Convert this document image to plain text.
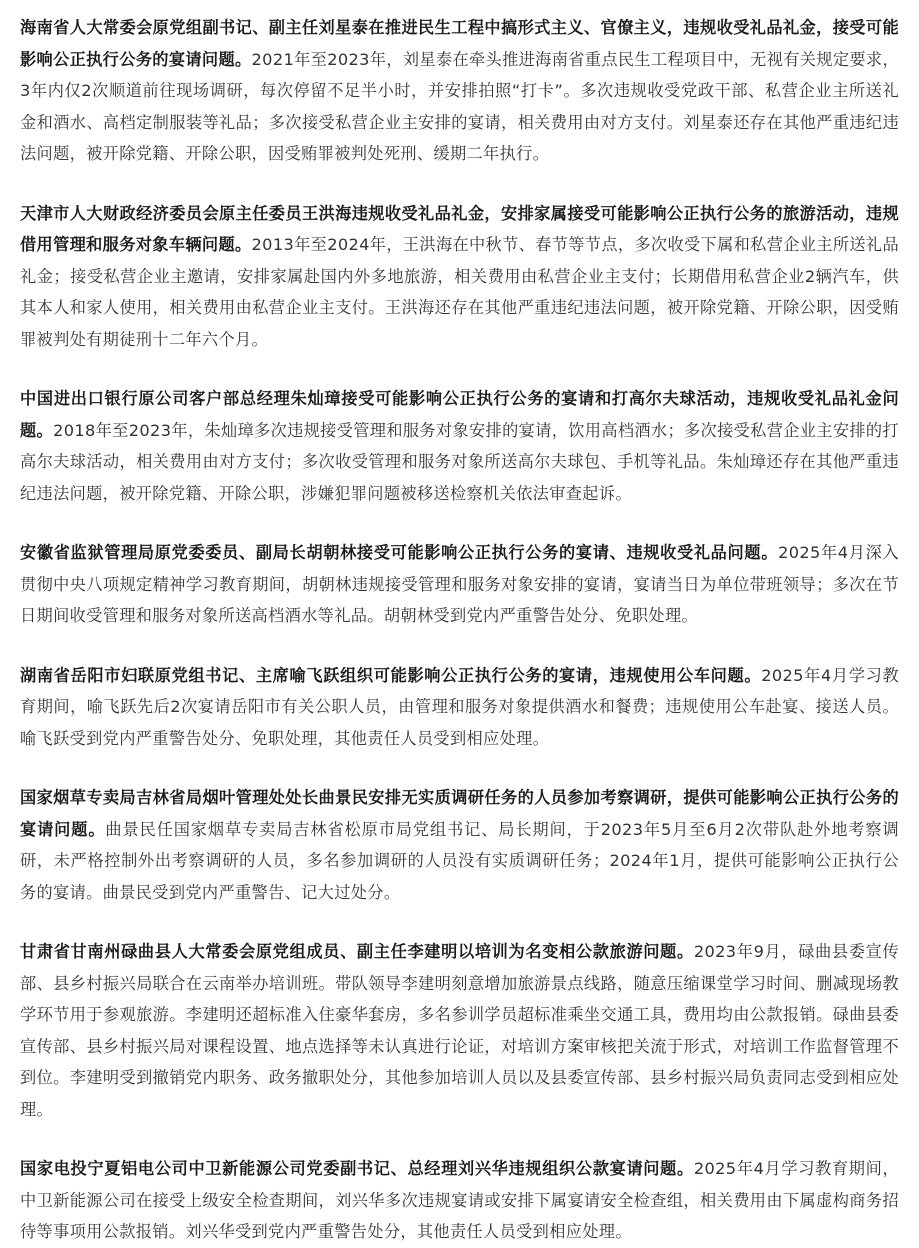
海南省人大常委会原党组副书记、副主任刘星泰在推进民生工程中搞形式主义、官僚主义，违规收受礼品礼金，接受可能影响公正执行公务的宴请问题。2021年至2023年，刘星泰在牵头推进海南省重点民生工程项目中，无视有关规定要求，3年内仅2次顺道前往现场调研，每次停留不足半小时，并安排拍照“打卡”。多次违规收受党政干部、私营企业主所送礼金和酒水、高档定制服装等礼品；多次接受私营企业主安排的宴请，相关费用由对方支付。刘星泰还存在其他严重违纪违法问题，被开除党籍、开除公职，因受贿罪被判处死刑、缓期二年执行。

天津市人大财政经济委员会原主任委员王洪海违规收受礼品礼金，安排家属接受可能影响公正执行公务的旅游活动，违规借用管理和服务对象车辆问题。2013年至2024年，王洪海在中秋节、春节等节点，多次收受下属和私营企业主所送礼品礼金；接受私营企业主邀请，安排家属赴国内外多地旅游，相关费用由私营企业主支付；长期借用私营企业2辆汽车，供其本人和家人使用，相关费用由私营企业主支付。王洪海还存在其他严重违纪违法问题，被开除党籍、开除公职，因受贿罪被判处有期徒刑十二年六个月。

中国进出口银行原公司客户部总经理朱灿璋接受可能影响公正执行公务的宴请和打高尔夫球活动，违规收受礼品礼金问题。2018年至2023年，朱灿璋多次违规接受管理和服务对象安排的宴请，饮用高档酒水；多次接受私营企业主安排的打高尔夫球活动，相关费用由对方支付；多次收受管理和服务对象所送高尔夫球包、手机等礼品。朱灿璋还存在其他严重违纪违法问题，被开除党籍、开除公职，涉嫌犯罪问题被移送检察机关依法审查起诉。

安徽省监狱管理局原党委委员、副局长胡朝林接受可能影响公正执行公务的宴请、违规收受礼品问题。2025年4月深入贯彻中央八项规定精神学习教育期间，胡朝林违规接受管理和服务对象安排的宴请，宴请当日为单位带班领导；多次在节日期间收受管理和服务对象所送高档酒水等礼品。胡朝林受到党内严重警告处分、免职处理。

湖南省岳阳市妇联原党组书记、主席喻飞跃组织可能影响公正执行公务的宴请，违规使用公车问题。2025年4月学习教育期间，喻飞跃先后2次宴请岳阳市有关公职人员，由管理和服务对象提供酒水和餐费；违规使用公车赴宴、接送人员。喻飞跃受到党内严重警告处分、免职处理，其他责任人员受到相应处理。

国家烟草专卖局吉林省局烟叶管理处处长曲景民安排无实质调研任务的人员参加考察调研，提供可能影响公正执行公务的宴请问题。曲景民任国家烟草专卖局吉林省松原市局党组书记、局长期间，于2023年5月至6月2次带队赴外地考察调研，未严格控制外出考察调研的人员，多名参加调研的人员没有实质调研任务；2024年1月，提供可能影响公正执行公务的宴请。曲景民受到党内严重警告、记大过处分。

甘肃省甘南州碌曲县人大常委会原党组成员、副主任李建明以培训为名变相公款旅游问题。2023年9月，碌曲县委宣传部、县乡村振兴局联合在云南举办培训班。带队领导李建明刻意增加旅游景点线路，随意压缩课堂学习时间、删减现场教学环节用于参观旅游。李建明还超标准入住豪华套房，多名参训学员超标准乘坐交通工具，费用均由公款报销。碌曲县委宣传部、县乡村振兴局对课程设置、地点选择等未认真进行论证，对培训方案审核把关流于形式，对培训工作监督管理不到位。李建明受到撤销党内职务、政务撤职处分，其他参加培训人员以及县委宣传部、县乡村振兴局负责同志受到相应处理。

国家电投宁夏铝电公司中卫新能源公司党委副书记、总经理刘兴华违规组织公款宴请问题。2025年4月学习教育期间，中卫新能源公司在接受上级安全检查期间，刘兴华多次违规宴请或安排下属宴请安全检查组，相关费用由下属虚构商务招待等事项用公款报销。刘兴华受到党内严重警告处分，其他责任人员受到相应处理。
